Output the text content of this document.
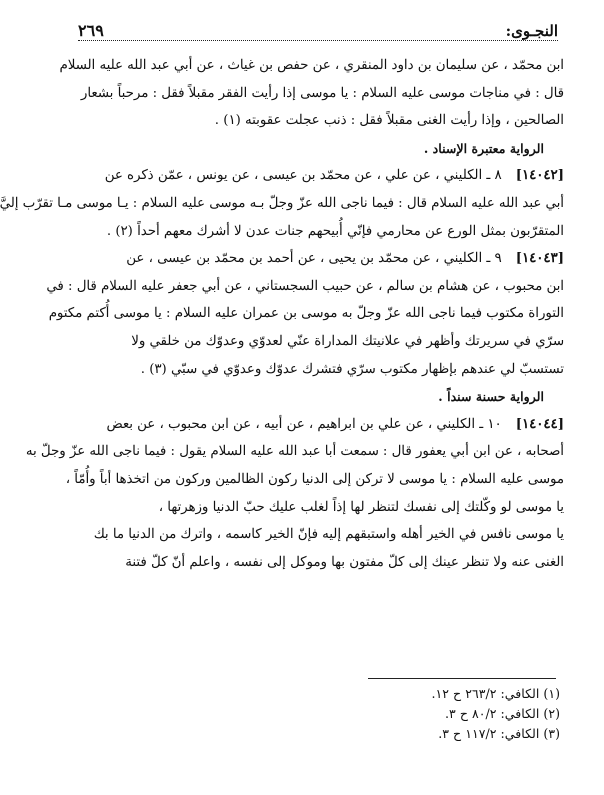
النجـوى:
٢٦٩

ابن محمّد ، عن سليمان بن داود المنقري ، عن حفص بن غياث ، عن أبي عبد الله عليه السلام
قال : في مناجات موسى عليه السلام : يا موسى إذا رأيت الفقر مقبلاً فقل : مرحباً بشعار
الصالحين ، وإذا رأيت الغنى مقبلاً فقل : ذنب عجلت عقوبته (١) .

الرواية معتبرة الإسناد .

[١٤٠٤٢]٨ ـ الكليني ، عن علي ، عن محمّد بن عيسى ، عن يونس ، عمّن ذكره عن
أبي عبد الله عليه السلام قال : فيما ناجى الله عزّ وجلّ بـه موسى عليه السلام : يـا موسى مـا تقرّب إليَّ
المتقرّبون بمثل الورع عن محارمي فإنّي أُبيحهم جنات عدن لا أشرك معهم أحداً (٢) .

[١٤٠٤٣]٩ ـ الكليني ، عن محمّد بن يحيى ، عن أحمد بن محمّد بن عيسى ، عن
ابن محبوب ، عن هشام بن سالم ، عن حبيب السجستاني ، عن أبي جعفر عليه السلام قال : في
التوراة مكتوب فيما ناجى الله عزّ وجلّ به موسى بن عمران عليه السلام : يا موسى أُكتم مكتوم
سرّي في سريرتك وأظهر في علانيتك المداراة عنّي لعدوّي وعدوّك من خلقي ولا
تستسبّ لي عندهم بإظهار مكتوب سرّي فتشرك عدوّك وعدوّي في سبّي (٣) .

الرواية حسنة سنداً .

[١٤٠٤٤]١٠ ـ الكليني ، عن علي بن ابراهيم ، عن أبيه ، عن ابن محبوب ، عن بعض
أصحابه ، عن ابن أبي يعفور قال : سمعت أبا عبد الله عليه السلام يقول : فيما ناجى الله عزّ وجلّ به
موسى عليه السلام : يا موسى لا تركن إلى الدنيا ركون الظالمين وركون من اتخذها أباً وأُمّاً ،
يا موسى لو وكّلتك إلى نفسك لتنظر لها إذاً لغلب عليك حبّ الدنيا وزهرتها ،
يا موسى نافس في الخير أهله واستبقهم إليه فإنّ الخير كاسمه ، واترك من الدنيا ما بك
الغنى عنه ولا تنظر عينك إلى كلّ مفتون بها وموكل إلى نفسه ، واعلم أنّ كلّ فتنة

(١) الكافي: ٢٦٣/٢ ح ١٢.
(٢) الكافي: ٨٠/٢ ح ٣.
(٣) الكافي: ١١٧/٢ ح ٣.
